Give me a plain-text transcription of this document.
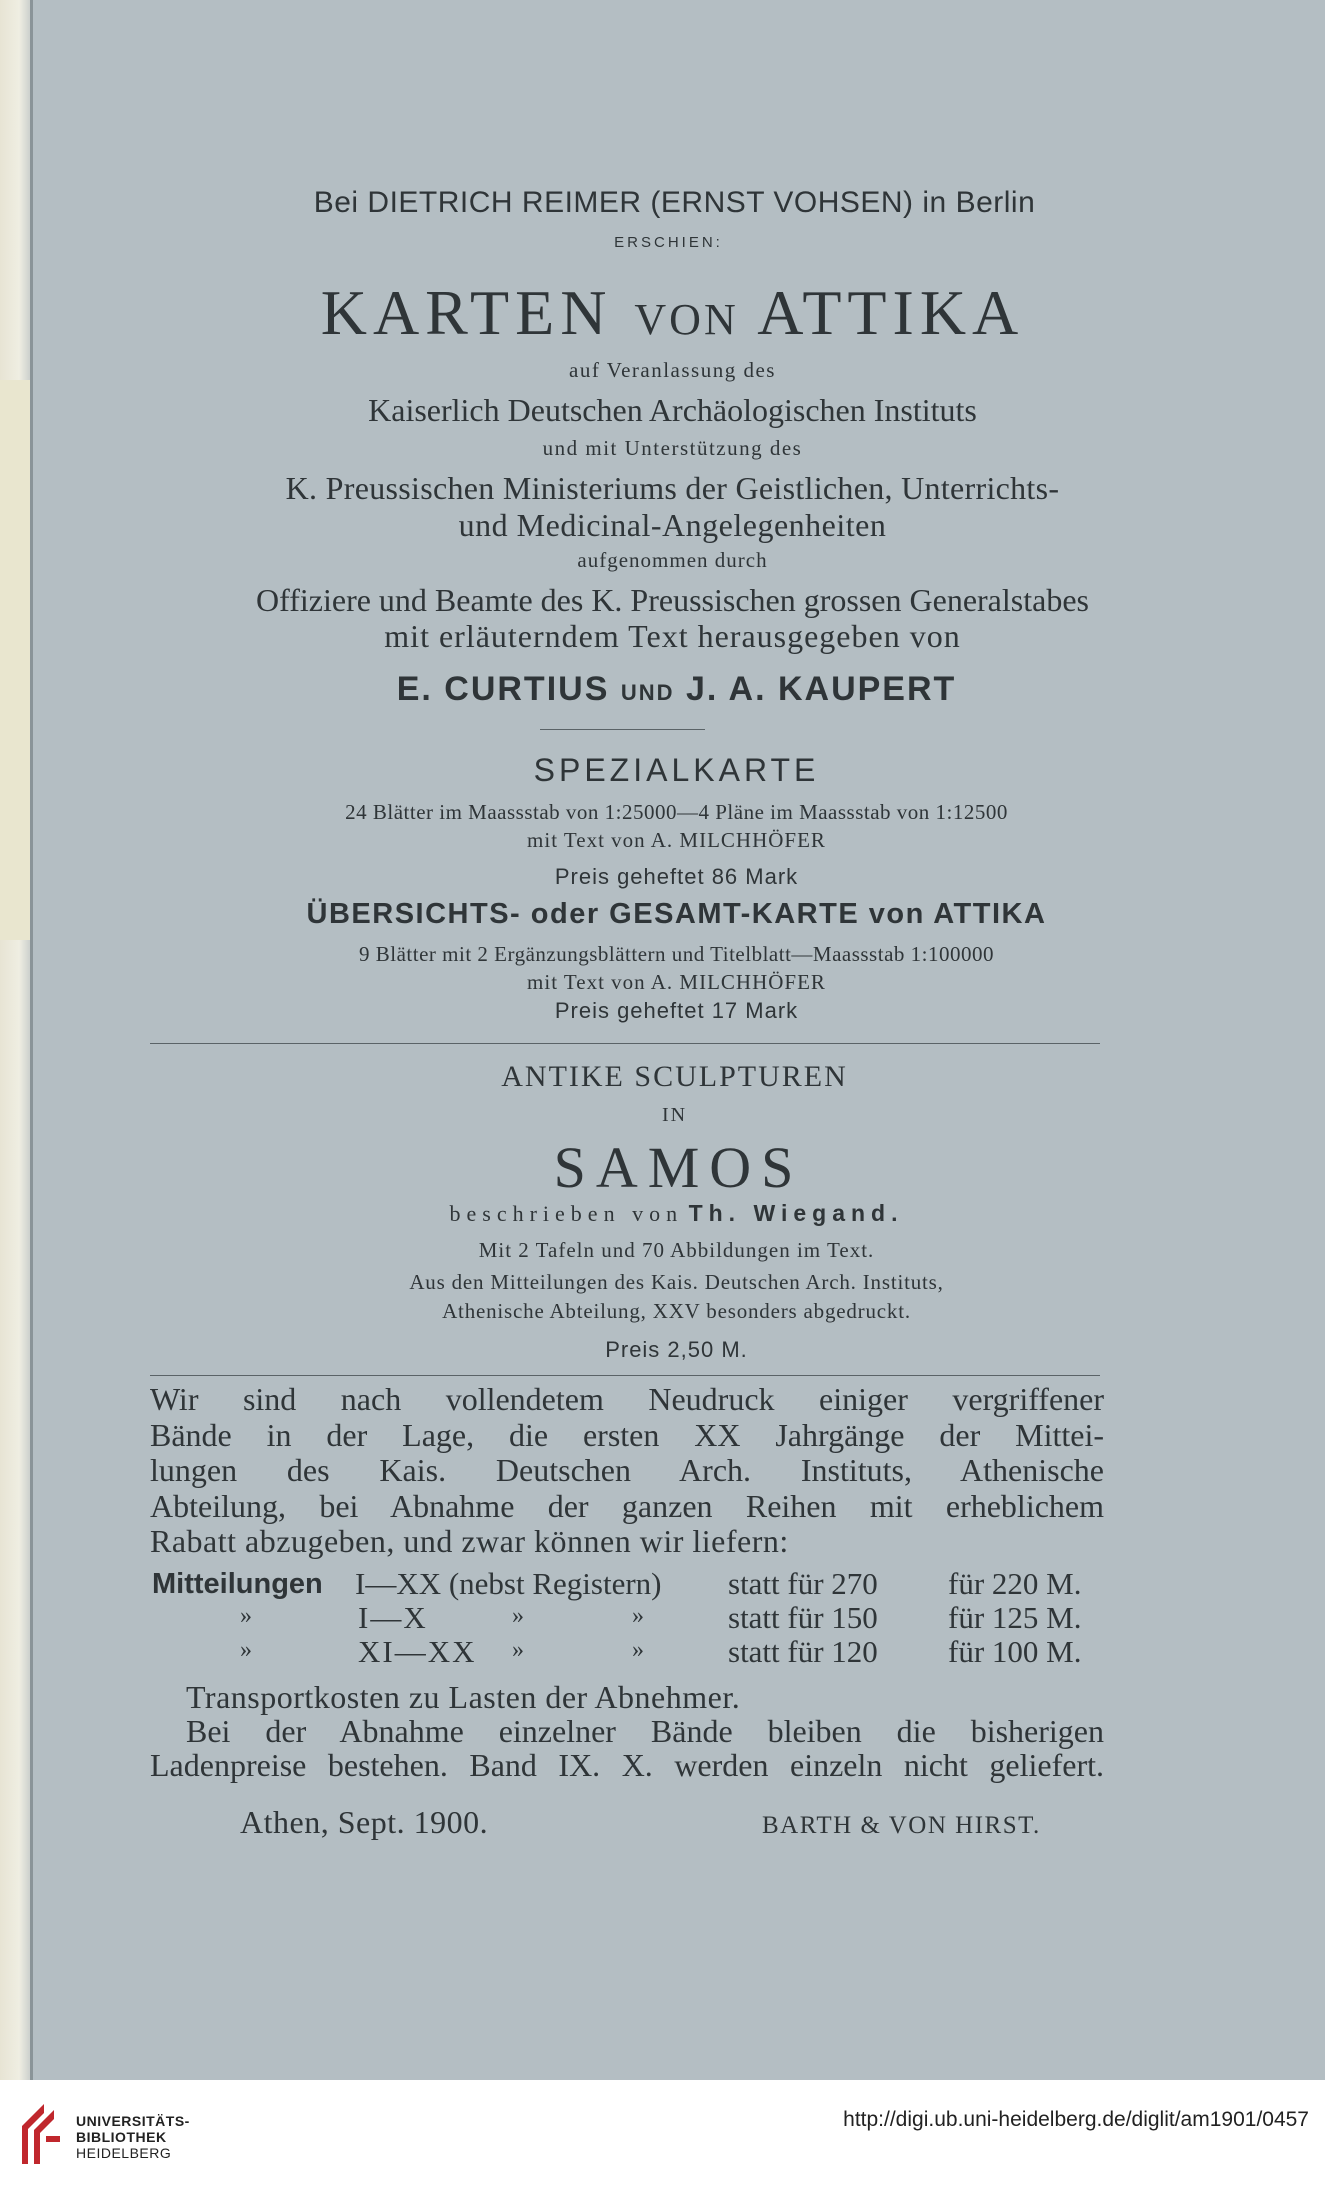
Bei DIETRICH REIMER (ERNST VOHSEN) in Berlin
ERSCHIEN:
KARTEN VON ATTIKA
auf Veranlassung des
Kaiserlich Deutschen Archäologischen Instituts
und mit Unterstützung des
K. Preussischen Ministeriums der Geistlichen, Unterrichts-
und Medicinal-Angelegenheiten
aufgenommen durch
Offiziere und Beamte des K. Preussischen grossen Generalstabes
mit erläuterndem Text herausgegeben von
E. CURTIUS UND J. A. KAUPERT
SPEZIALKARTE
24 Blätter im Maassstab von 1:25000—4 Pläne im Maassstab von 1:12500
mit Text von A. MILCHHÖFER
Preis geheftet 86 Mark
ÜBERSICHTS- oder GESAMT-KARTE von ATTIKA
9 Blätter mit 2 Ergänzungsblättern und Titelblatt—Maassstab 1:100000
mit Text von A. MILCHHÖFER
Preis geheftet 17 Mark
ANTIKE SCULPTUREN
IN
SAMOS
beschrieben von Th. Wiegand.
Mit 2 Tafeln und 70 Abbildungen im Text.
Aus den Mitteilungen des Kais. Deutschen Arch. Instituts,
Athenische Abteilung, XXV besonders abgedruckt.
Preis 2,50 M.
Wir sind nach vollendetem Neudruck einiger vergriffener
Bände in der Lage, die ersten XX Jahrgänge der Mittei-
lungen des Kais. Deutschen Arch. Instituts, Athenische
Abteilung, bei Abnahme der ganzen Reihen mit erheblichem
Rabatt abzugeben, und zwar können wir liefern:
Mitteilungen I—XX (nebst Registern) statt für 270 für 220 M.
»	I—X	»	»	statt für 150 für 125 M.
»	XI—XX »	»	statt für 120 für 100 M.
Transportkosten zu Lasten der Abnehmer.
Bei der Abnahme einzelner Bände bleiben die bisherigen
Ladenpreise bestehen. Band IX. X. werden einzeln nicht geliefert.
Athen, Sept. 1900.	BARTH & VON HIRST.
UNIVERSITÄTS-
BIBLIOTHEK
HEIDELBERG
http://digi.ub.uni-heidelberg.de/diglit/am1901/0457
